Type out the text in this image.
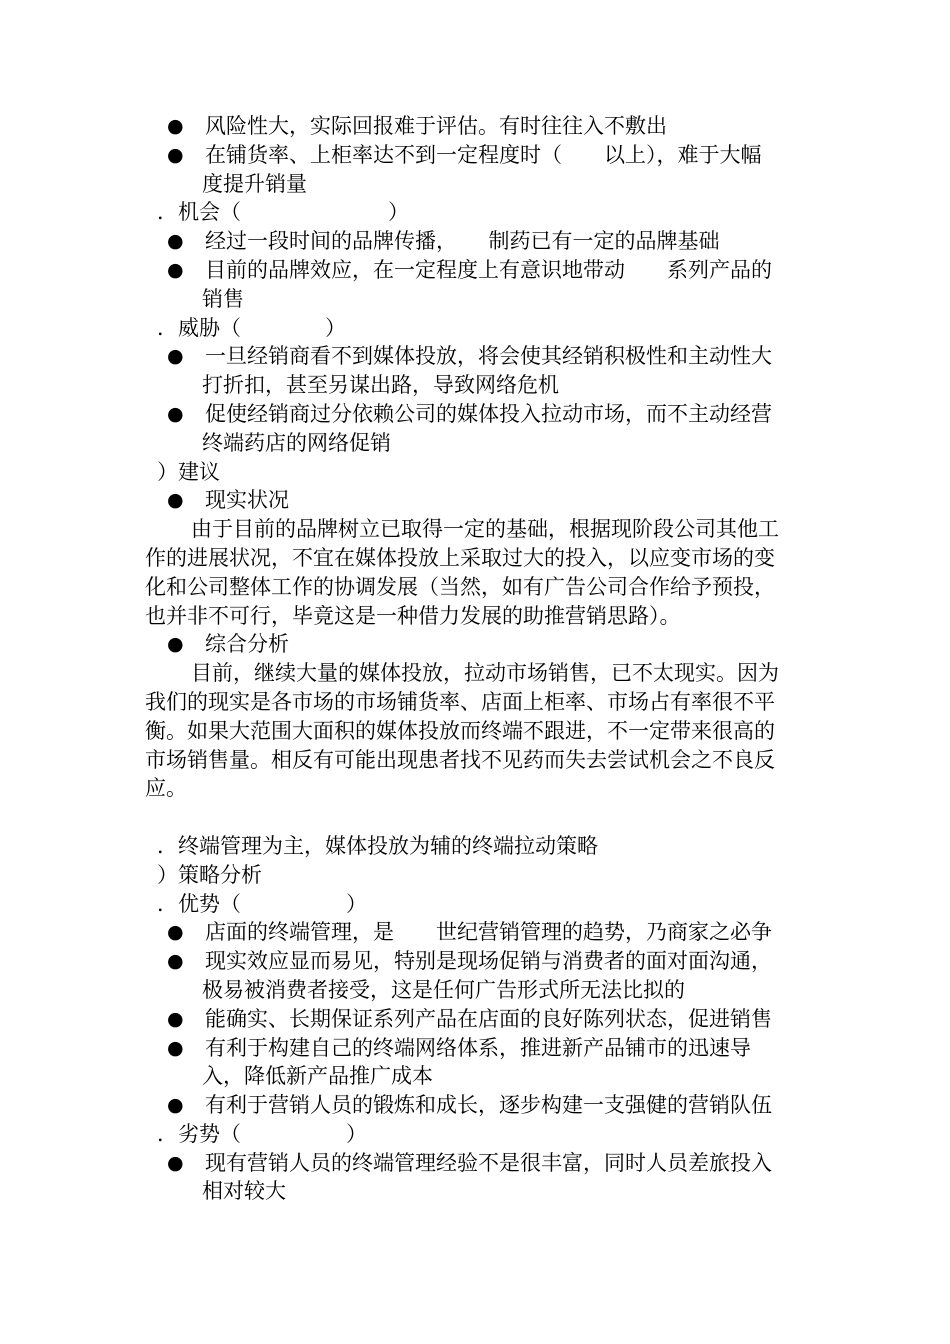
● 风险性大，实际回报难于评估。有时往往入不敷出
● 在铺货率、上柜率达不到一定程度时（　　以上），难于大幅
度提升销量
．机会（　　　　　　　）
● 经过一段时间的品牌传播，　　制药已有一定的品牌基础
● 目前的品牌效应，在一定程度上有意识地带动　　系列产品的
销售
．威胁（　　　　）
● 一旦经销商看不到媒体投放，将会使其经销积极性和主动性大
打折扣，甚至另谋出路，导致网络危机
● 促使经销商过分依赖公司的媒体投入拉动市场，而不主动经营
终端药店的网络促销
）建议
● 现实状况
由于目前的品牌树立已取得一定的基础，根据现阶段公司其他工
作的进展状况，不宜在媒体投放上采取过大的投入，以应变市场的变
化和公司整体工作的协调发展（当然，如有广告公司合作给予预投，
也并非不可行，毕竟这是一种借力发展的助推营销思路）。
● 综合分析
目前，继续大量的媒体投放，拉动市场销售，已不太现实。因为
我们的现实是各市场的市场铺货率、店面上柜率、市场占有率很不平
衡。如果大范围大面积的媒体投放而终端不跟进，不一定带来很高的
市场销售量。相反有可能出现患者找不见药而失去尝试机会之不良反
应。
．终端管理为主，媒体投放为辅的终端拉动策略
）策略分析
．优势（　　　　　）
● 店面的终端管理，是　　世纪营销管理的趋势，乃商家之必争
● 现实效应显而易见，特别是现场促销与消费者的面对面沟通，
极易被消费者接受，这是任何广告形式所无法比拟的
● 能确实、长期保证系列产品在店面的良好陈列状态，促进销售
● 有利于构建自己的终端网络体系，推进新产品铺市的迅速导
入，降低新产品推广成本
● 有利于营销人员的锻炼和成长，逐步构建一支强健的营销队伍
．劣势（　　　　　）
● 现有营销人员的终端管理经验不是很丰富，同时人员差旅投入
相对较大
